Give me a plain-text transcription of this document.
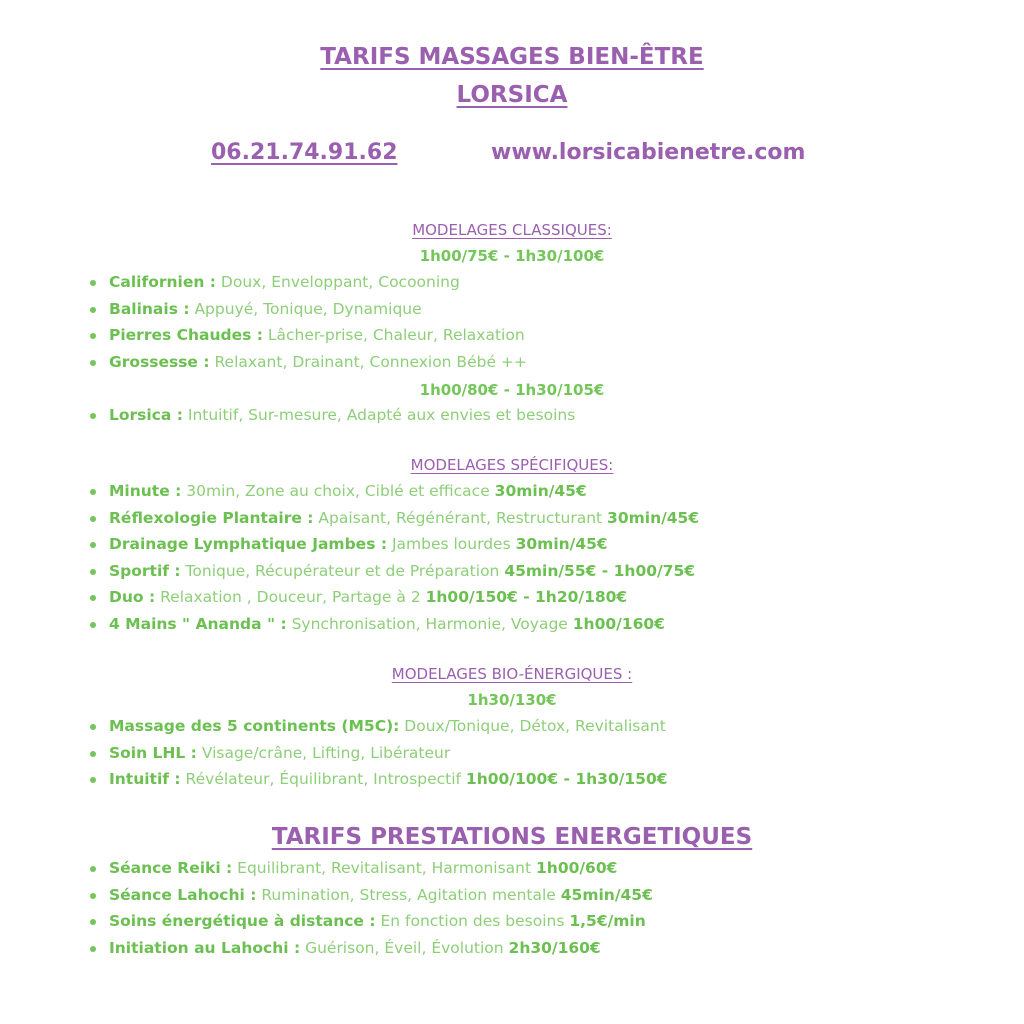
TARIFS MASSAGES BIEN-ÊTRE
LORSICA
06.21.74.91.62	www.lorsicabienetre.com
MODELAGES CLASSIQUES:
1h00/75€ - 1h30/100€
Californien : Doux, Enveloppant, Cocooning
Balinais : Appuyé, Tonique, Dynamique
Pierres Chaudes : Lâcher-prise, Chaleur, Relaxation
Grossesse : Relaxant, Drainant, Connexion Bébé ++
1h00/80€ - 1h30/105€
Lorsica : Intuitif, Sur-mesure, Adapté aux envies et besoins
MODELAGES SPÉCIFIQUES:
Minute : 30min, Zone au choix, Ciblé et efficace 30min/45€
Réflexologie Plantaire : Apaisant, Régénérant, Restructurant 30min/45€
Drainage Lymphatique Jambes : Jambes lourdes 30min/45€
Sportif : Tonique, Récupérateur et de Préparation 45min/55€ - 1h00/75€
Duo : Relaxation , Douceur, Partage à 2 1h00/150€ - 1h20/180€
4 Mains " Ananda " : Synchronisation, Harmonie, Voyage 1h00/160€
MODELAGES BIO-ÉNERGIQUES :
1h30/130€
Massage des 5 continents (M5C): Doux/Tonique, Détox, Revitalisant
Soin LHL : Visage/crâne, Lifting, Libérateur
Intuitif : Révélateur, Équilibrant, Introspectif 1h00/100€ - 1h30/150€
TARIFS PRESTATIONS ENERGETIQUES
Séance Reiki : Equilibrant, Revitalisant, Harmonisant 1h00/60€
Séance Lahochi : Rumination, Stress, Agitation mentale 45min/45€
Soins énergétique à distance : En fonction des besoins 1,5€/min
Initiation au Lahochi : Guérison, Éveil, Évolution 2h30/160€
